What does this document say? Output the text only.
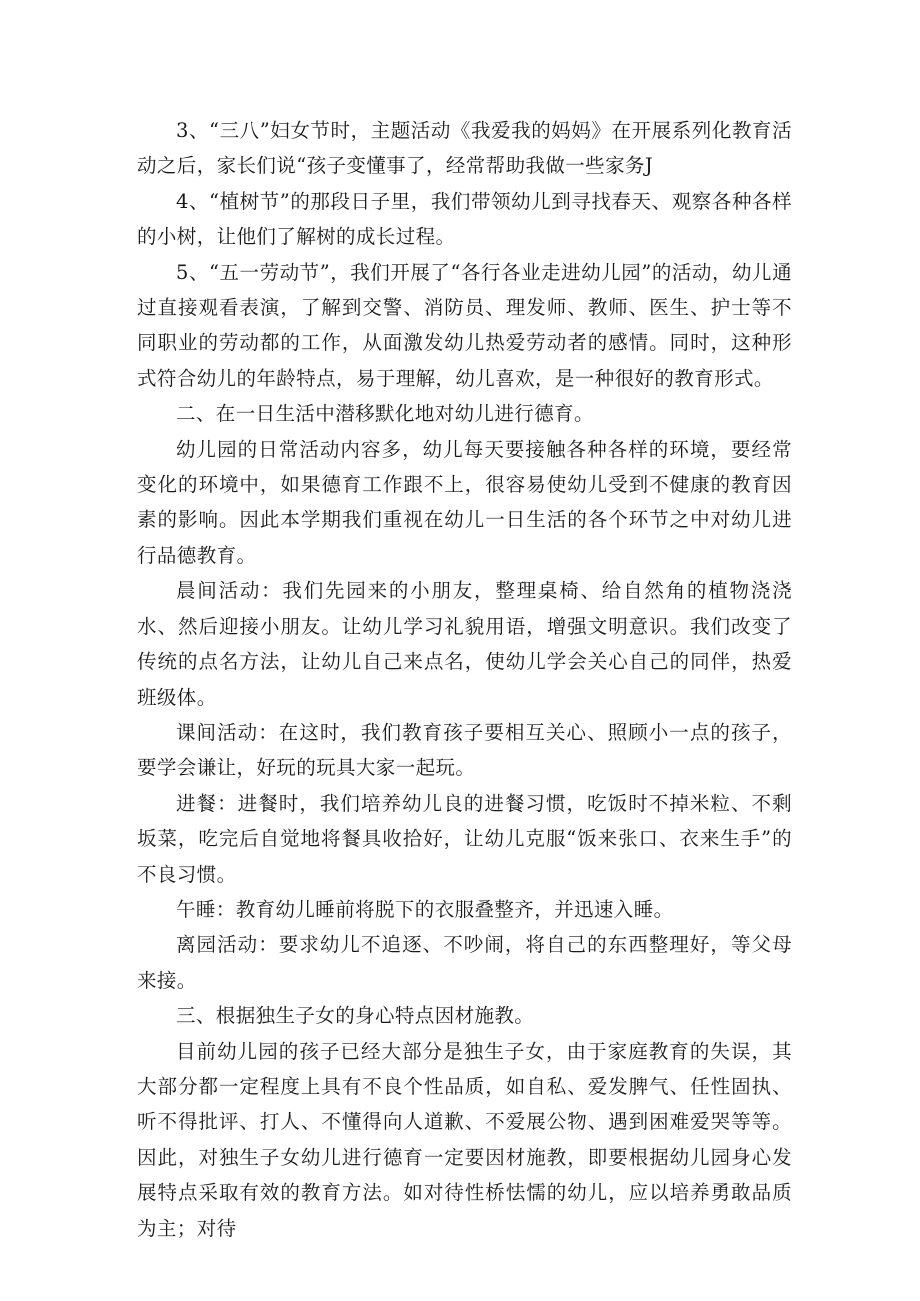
3、“三八”妇女节时，主题活动《我爱我的妈妈》在开展系列化教育活动之后，家长们说“孩子变懂事了，经常帮助我做一些家务J

4、“植树节”的那段日子里，我们带领幼儿到寻找春天、观察各种各样的小树，让他们了解树的成长过程。

5、“五一劳动节”，我们开展了“各行各业走进幼儿园”的活动，幼儿通过直接观看表演，了解到交警、消防员、理发师、教师、医生、护士等不同职业的劳动都的工作，从面激发幼儿热爱劳动者的感情。同时，这种形式符合幼儿的年龄特点，易于理解，幼儿喜欢，是一种很好的教育形式。

二、在一日生活中潜移默化地对幼儿进行德育。

幼儿园的日常活动内容多，幼儿每天要接触各种各样的环境，要经常变化的环境中，如果德育工作跟不上，很容易使幼儿受到不健康的教育因素的影响。因此本学期我们重视在幼儿一日生活的各个环节之中对幼儿进行品德教育。

晨间活动：我们先园来的小朋友，整理桌椅、给自然角的植物浇浇水、然后迎接小朋友。让幼儿学习礼貌用语，增强文明意识。我们改变了传统的点名方法，让幼儿自己来点名，使幼儿学会关心自己的同伴，热爱班级体。

课间活动：在这时，我们教育孩子要相互关心、照顾小一点的孩子，要学会谦让，好玩的玩具大家一起玩。

进餐：进餐时，我们培养幼儿良的进餐习惯，吃饭时不掉米粒、不剩坂菜，吃完后自觉地将餐具收拾好，让幼儿克服“饭来张口、衣来生手”的不良习惯。

午睡：教育幼儿睡前将脱下的衣服叠整齐，并迅速入睡。

离园活动：要求幼儿不追逐、不吵闹，将自己的东西整理好，等父母来接。

三、根据独生子女的身心特点因材施教。

目前幼儿园的孩子已经大部分是独生子女，由于家庭教育的失误，其大部分都一定程度上具有不良个性品质，如自私、爱发脾气、任性固执、听不得批评、打人、不懂得向人道歉、不爱展公物、遇到困难爱哭等等。因此，对独生子女幼儿进行德育一定要因材施教，即要根据幼儿园身心发展特点采取有效的教育方法。如对待性桥怯懦的幼儿，应以培养勇敢品质为主；对待
